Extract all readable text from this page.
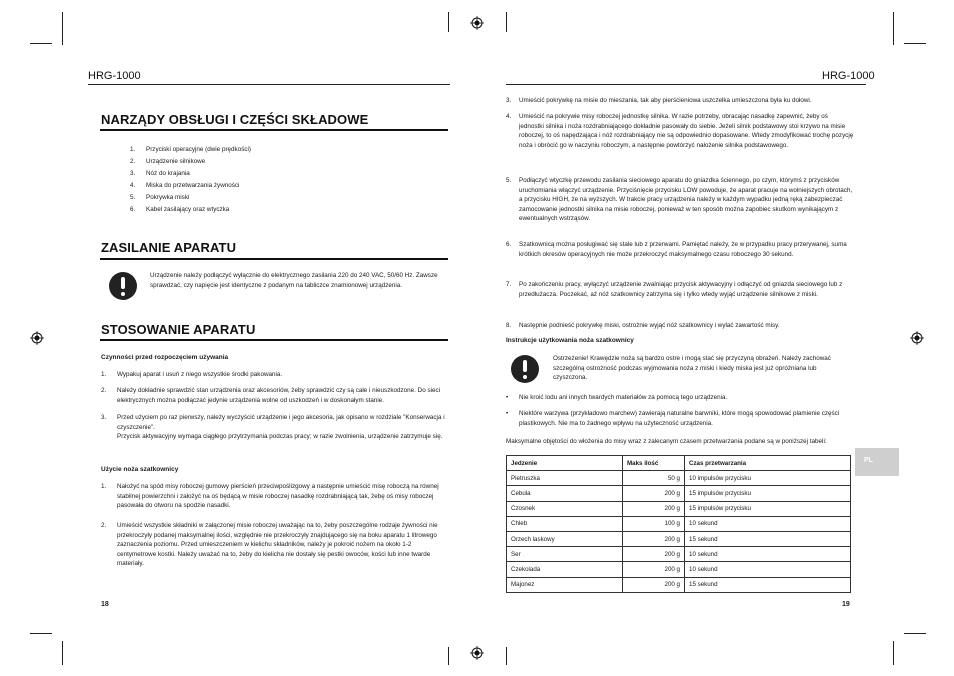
HRG-1000
NARZĄDY OBSŁUGI I CZĘŚCI SKŁADOWE
1.	Przyciski operacyjne (dwie prędkości)
2.	Urządzenie silnikowe
3.	Nóż do krajania
4.	Miska do przetwarzania żywności
5.	Pokrywka miski
6.	Kabel zasilający oraz wtyczka
ZASILANIE APARATU
Urządzenie należy podłączyć wyłącznie do elektrycznego zasilania 220 do 240 VAC, 50/60 Hz. Zawsze sprawdzać, czy napięcie jest identyczne z podanym na tabliczce znamionowej urządzenia.
STOSOWANIE APARATU
Czynności przed rozpoczęciem używania
1.	Wypakuj aparat i usuń z niego wszystkie środki pakowania.
2.	Należy dokładnie sprawdzić stan urządzenia oraz akcesoriów, żeby sprawdzić czy są całe i nieuszkodzone. Do sieci elektrycznych można podłączać jedynie urządzenia wolne od uszkodzeń i w doskonałym stanie.
3.	Przed użyciem po raz pierwszy, należy wyczyścić urządzenie i jego akcesoria, jak opisano w rozdziale "Konserwacja i czyszczenie".
Przycisk aktywacyjny wymaga ciągłego przytrzymania podczas pracy; w razie zwolnienia, urządzenie zatrzymuje się.
Użycie noża szatkownicy
1.	Nałożyć na spód misy roboczej gumowy pierścień przeciwpoślizgowy a następnie umieścić misę roboczą na równej stabilnej powierzchni i założyć na oś będącą w misie roboczej nasadkę rozdrabniającą tak, żebę oś misy roboczej pasowała do otworu na spodzie nasadki.
2.	Umieścić wszystkie składniki w załączonej misie roboczej uważając na to, żeby poszczególne rodzaje żywności nie przekroczyły podanej maksymalnej ilości, względnie nie przekroczyły znajdującego się na boku aparatu 1 litrowego zaznaczenia poziomu. Przed umieszczeniem w kielichu składników, należy je pokroić nożem na około 1-2 centymetrowe kostki. Należy uważać na to, żeby do kielicha nie dostały się pestki owoców, kości lub inne twarde materiały.
18
HRG-1000
3.	Umieścić pokrywkę na misie do mieszania, tak aby pierścieniowa uszczelka umieszczona była ku dołowi.
4.	Umieścić na pokrywie misy roboczej jednostkę silnika. W razie potrzeby, obracając nasadkę zapewnić, żeby oś jednostki silnika i noża rozdrabniającego dokładnie pasowały do siebie. Jeżeli silnik podstawowy stoi krzywo na misie roboczej, to oś napędzająca i nóż rozdrabniający nie są odpowiednio dopasowane. Wtedy zmodyfikować trochę pozycję noża i obrócić go w naczyniu roboczym, a następnie powtórzyć nałożenie silnika podstawowego.
5.	Podłączyć wtyczkę przewodu zasilania sieciowego aparatu do gniazdka ściennego, po czym, którymś z przycisków uruchomiania włączyć urządzenie. Przyciśnięcie przycisku LOW powoduje, że aparat pracuje na wolniejszych obrotach, a przycisku HIGH, że na wyższych. W trakcie pracy urządzenia należy w każdym wypadku jedną ręką zabezpieczać zamocowanie jednostki silnika na misie roboczej, ponieważ w ten sposób można zapobiec skutkom wynikającym z ewentualnych wstrząsów.
6.	Szatkownicą można posługiwać się stale lub z przerwami. Pamiętać należy, że w przypadku pracy przerywanej, suma krótkich okresów operacyjnych nie może przekroczyć maksymalnego czasu roboczego 30 sekund.
7.	Po zakończeniu pracy, wyłączyć urządzenie zwalniając przycisk aktywacyjny i odłączyć od gniazda sieciowego lub z przedłużacza. Poczekać, aż nóż szatkownicy zatrzyma się i tylko wtedy wyjąć urządzenie silnikowe z miski.
8.	Następnie podnieść pokrywkę miski, ostrożnie wyjąć nóż szatkownicy i wylać zawartość misy.
Instrukcje użytkowania noża szatkownicy
Ostrzeżenie! Krawędzie noża są bardzo ostre i mogą stać się przyczyną obrażeń. Należy zachować szczególną ostrożność podczas wyjmowania noża z miski i kiedy miska jest już opróżniana lub czyszczona.
•	Nie kroić lodu ani innych twardych materiałów za pomocą tego urządzenia.
•	Niektóre warzywa (przykładowo marchew) zawierają naturalne barwniki, które mogą spowodować plamienie części plastikowych. Nie ma to żadnego wpływu na użyteczność urządzenia.
Maksymalne objętości do włożenia do misy wraz z zalecanym czasem przetwarzania podane są w poniższej tabeli:
Jedzenie	Maks ilość	Czas przetwarzania
Pietruszka	50 g	10 impulsów przycisku
Cebula	200 g	15 impulsów przycisku
Czosnek	200 g	15 impulsów przycisku
Chleb	100 g	10 sekund
Orzech laskowy	200 g	15 sekund
Ser	200 g	10 sekund
Czekolada	200 g	10 sekund
Majonez	200 g	15 sekund
PL
19
